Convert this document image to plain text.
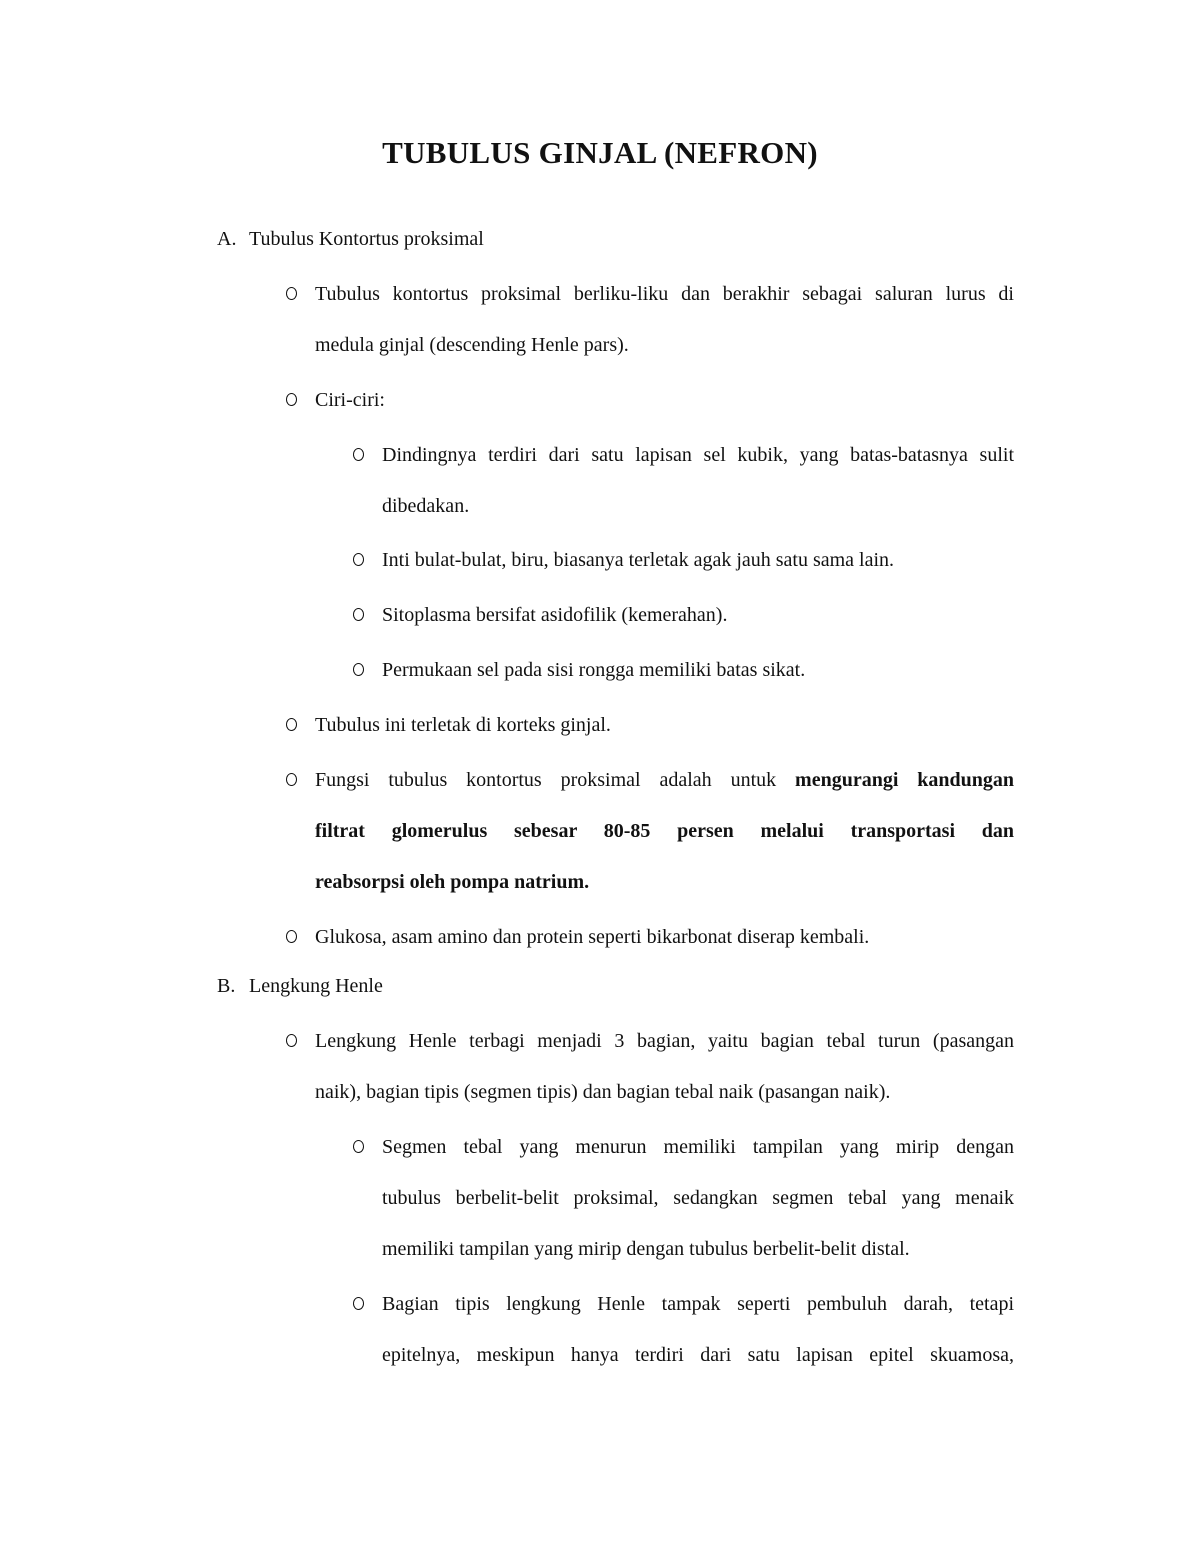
TUBULUS GINJAL (NEFRON)
A. Tubulus Kontortus proksimal
Tubulus kontortus proksimal berliku-liku dan berakhir sebagai saluran lurus di
medula ginjal (descending Henle pars).
Ciri-ciri:
Dindingnya terdiri dari satu lapisan sel kubik, yang batas-batasnya sulit
dibedakan.
Inti bulat-bulat, biru, biasanya terletak agak jauh satu sama lain.
Sitoplasma bersifat asidofilik (kemerahan).
Permukaan sel pada sisi rongga memiliki batas sikat.
Tubulus ini terletak di korteks ginjal.
Fungsi tubulus kontortus proksimal adalah untuk mengurangi kandungan
filtrat glomerulus sebesar 80-85 persen melalui transportasi dan
reabsorpsi oleh pompa natrium.
Glukosa, asam amino dan protein seperti bikarbonat diserap kembali.
B. Lengkung Henle
Lengkung Henle terbagi menjadi 3 bagian, yaitu bagian tebal turun (pasangan
naik), bagian tipis (segmen tipis) dan bagian tebal naik (pasangan naik).
Segmen tebal yang menurun memiliki tampilan yang mirip dengan
tubulus berbelit-belit proksimal, sedangkan segmen tebal yang menaik
memiliki tampilan yang mirip dengan tubulus berbelit-belit distal.
Bagian tipis lengkung Henle tampak seperti pembuluh darah, tetapi
epitelnya, meskipun hanya terdiri dari satu lapisan epitel skuamosa,
